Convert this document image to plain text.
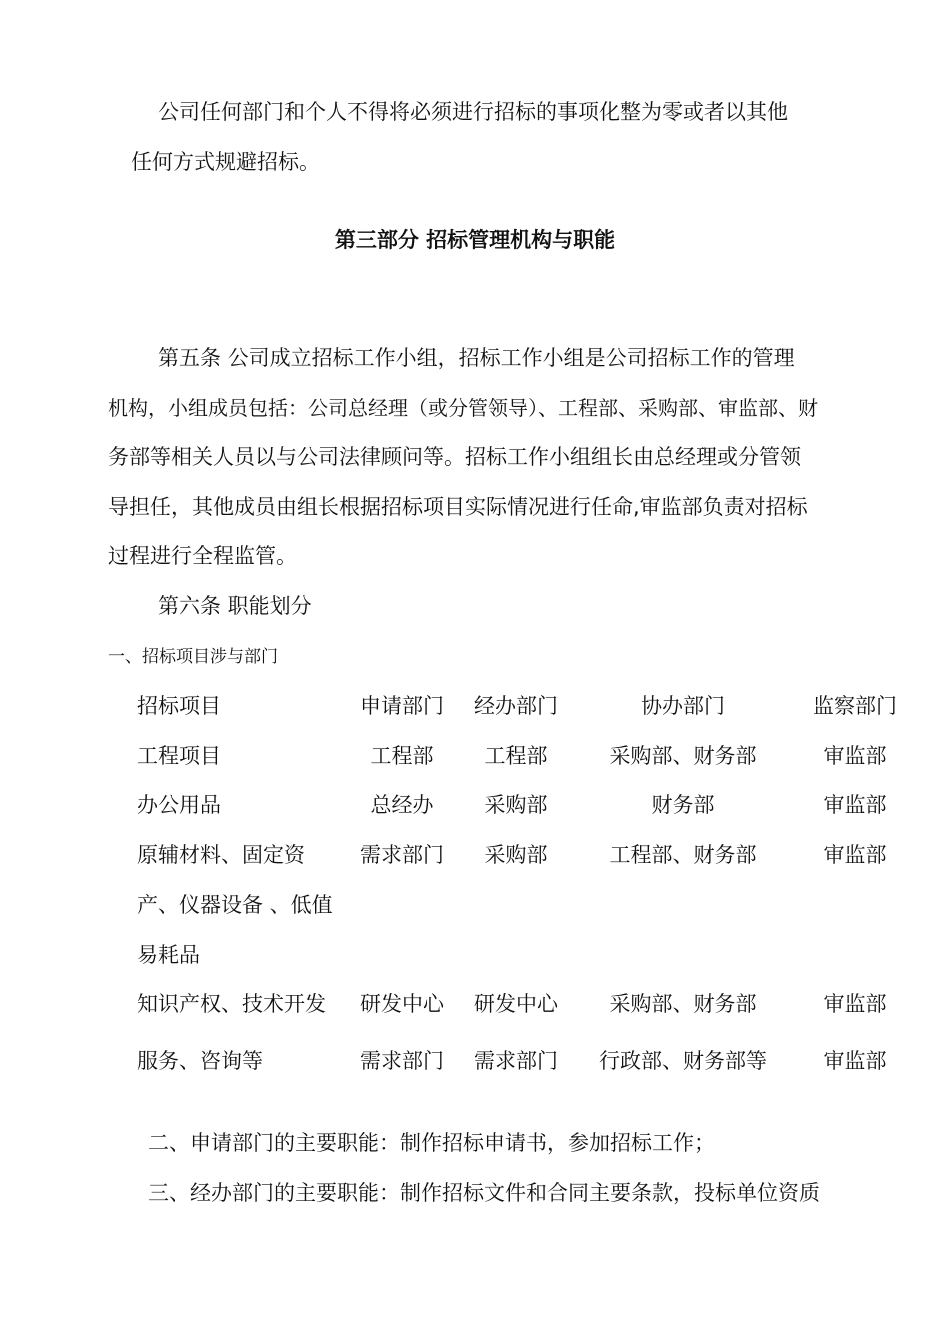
公司任何部门和个人不得将必须进行招标的事项化整为零或者以其他
任何方式规避招标。
第三部分 招标管理机构与职能
第五条 公司成立招标工作小组，招标工作小组是公司招标工作的管理
机构，小组成员包括：公司总经理（或分管领导）、工程部、采购部、审监部、财
务部等相关人员以与公司法律顾问等。招标工作小组组长由总经理或分管领
导担任，其他成员由组长根据招标项目实际情况进行任命,审监部负责对招标
过程进行全程监管。
第六条 职能划分
一、招标项目涉与部门
招标项目	申请部门	经办部门	协办部门	监察部门
工程项目	工程部	工程部	采购部、财务部	审监部
办公用品	总经办	采购部	财务部	审监部
原辅材料、固定资	需求部门	采购部	工程部、财务部	审监部
产、仪器设备 、低值
易耗品
知识产权、技术开发	研发中心	研发中心	采购部、财务部	审监部
服务、咨询等	需求部门	需求部门	行政部、财务部等	审监部
二、申请部门的主要职能：制作招标申请书，参加招标工作；
三、经办部门的主要职能：制作招标文件和合同主要条款，投标单位资质
